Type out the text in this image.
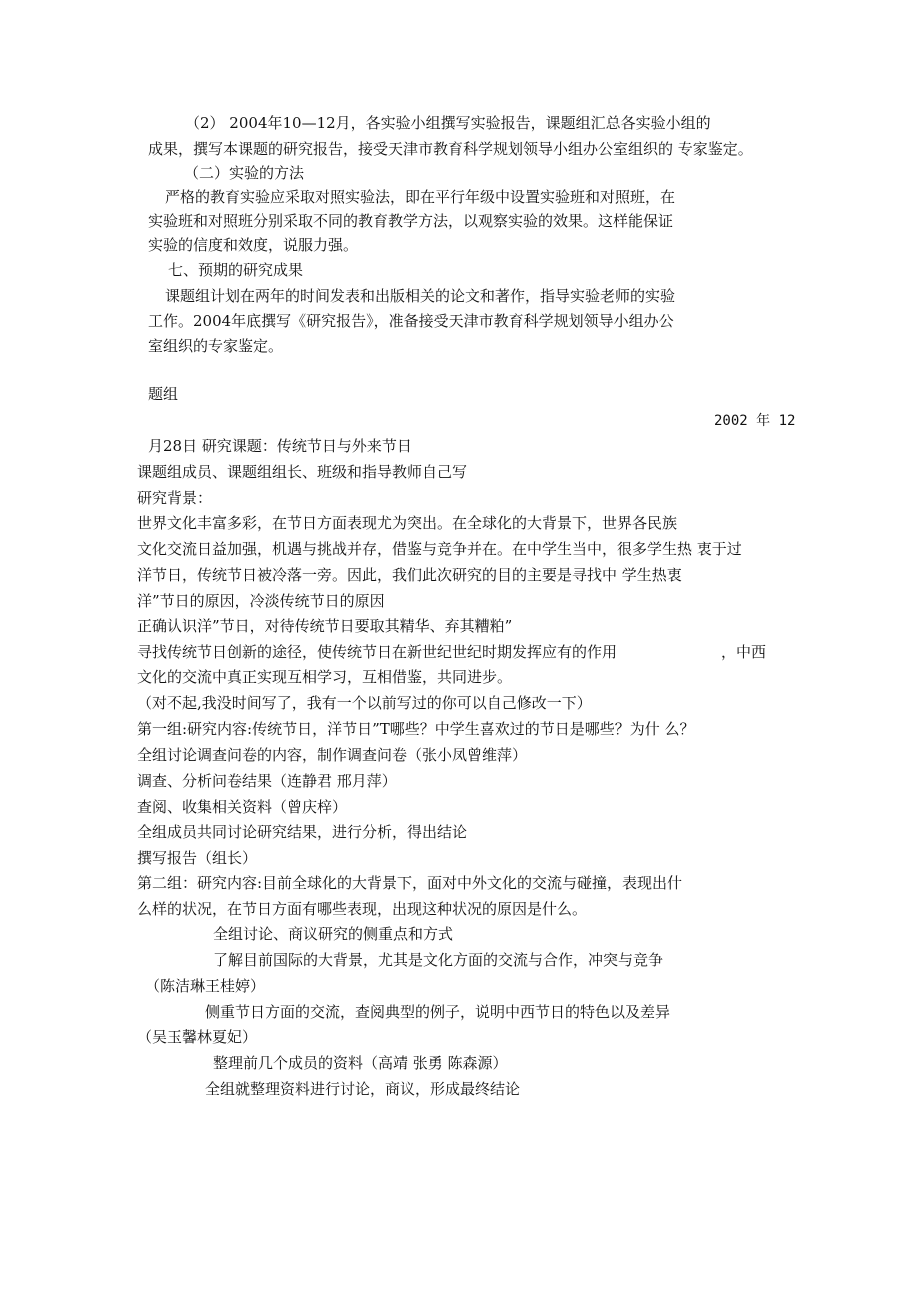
（2） 2004年10—12月，各实验小组撰写实验报告，课题组汇总各实验小组的
成果，撰写本课题的研究报告，接受天津市教育科学规划领导小组办公室组织的 专家鉴定。
（二）实验的方法
严格的教育实验应采取对照实验法，即在平行年级中设置实验班和对照班，在
实验班和对照班分别采取不同的教育教学方法，以观察实验的效果。这样能保证
实验的信度和效度，说服力强。
七、预期的研究成果
课题组计划在两年的时间发表和出版相关的论文和著作，指导实验老师的实验
工作。2004年底撰写《研究报告》，准备接受天津市教育科学规划领导小组办公
室组织的专家鉴定。
题组
2002 年 12
月28日 研究课题：传统节日与外来节日
课题组成员、课题组组长、班级和指导教师自己写
研究背景：
世界文化丰富多彩，在节日方面表现尤为突出。在全球化的大背景下，世界各民族
文化交流日益加强，机遇与挑战并存，借鉴与竞争并在。在中学生当中，很多学生热 衷于过
洋节日，传统节日被冷落一旁。因此，我们此次研究的目的主要是寻找中 学生热衷
洋”节日的原因，冷淡传统节日的原因
正确认识洋”节日，对待传统节日要取其精华、弃其糟粕”
寻找传统节日创新的途径，使传统节日在新世纪世纪时期发挥应有的作用	，中西
文化的交流中真正实现互相学习，互相借鉴，共同进步。
（对不起,我没时间写了，我有一个以前写过的你可以自己修改一下）
第一组:研究内容:传统节日，洋节日”T哪些？中学生喜欢过的节日是哪些？为什 么？
全组讨论调查问卷的内容，制作调查问卷（张小凤曾维萍）
调查、分析问卷结果（连静君 邢月萍）
查阅、收集相关资料（曾庆梓）
全组成员共同讨论研究结果，进行分析，得出结论
撰写报告（组长）
第二组：研究内容:目前全球化的大背景下，面对中外文化的交流与碰撞，表现出什
么样的状况，在节日方面有哪些表现，出现这种状况的原因是什么。
全组讨论、商议研究的侧重点和方式
了解目前国际的大背景，尤其是文化方面的交流与合作，冲突与竞争
（陈洁琳王桂婷）
侧重节日方面的交流，查阅典型的例子，说明中西节日的特色以及差异
（吴玉馨林夏妃）
整理前几个成员的资料（高靖 张勇 陈森源）
全组就整理资料进行讨论，商议，形成最终结论
